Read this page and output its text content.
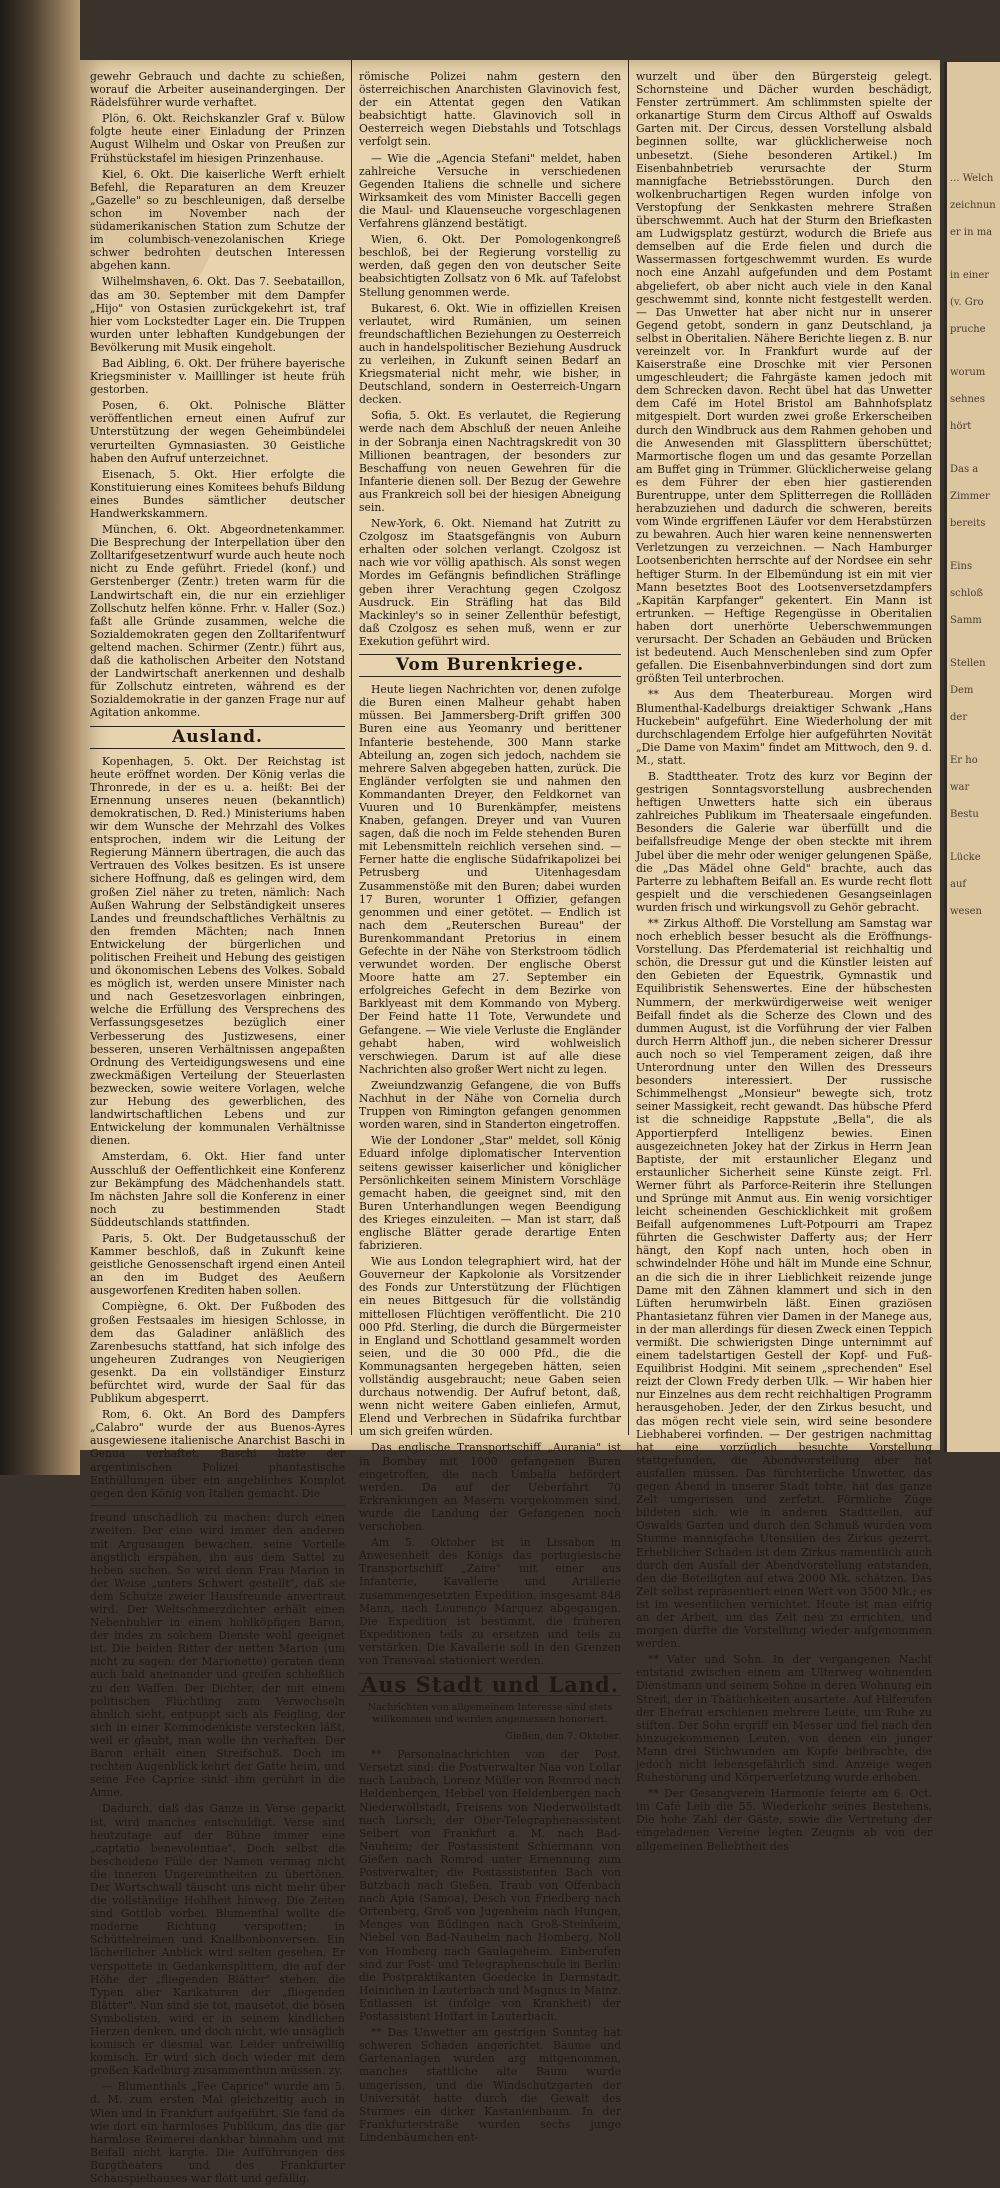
... Welch
zeichnun
er in ma
in einer
(v. Gro
pruche
worum
sehnes
hört
Das a
Zimmer
bereits
Eins
schloß
Samm
Stellen
Dem
der
Er ho
war
Bestu
Lücke
auf
wesen

gewehr Gebrauch und dachte zu schießen, worauf die Arbeiter auseinandergingen. Der Rädelsführer wurde verhaftet.

Plön, 6. Okt. Reichskanzler Graf v. Bülow folgte heute einer Einladung der Prinzen August Wilhelm und Oskar von Preußen zur Frühstückstafel im hiesigen Prinzenhause.

Kiel, 6. Okt. Die kaiserliche Werft erhielt Befehl, die Reparaturen an dem Kreuzer „Gazelle" so zu beschleunigen, daß derselbe schon im November nach der südamerikanischen Station zum Schutze der im columbisch-venezolanischen Kriege schwer bedrohten deutschen Interessen abgehen kann.

Wilhelmshaven, 6. Okt. Das 7. Seebataillon, das am 30. September mit dem Dampfer „Hijo" von Ostasien zurückgekehrt ist, traf hier vom Lockstedter Lager ein. Die Truppen wurden unter lebhaften Kundgebungen der Bevölkerung mit Musik eingeholt.

Bad Aibling, 6. Okt. Der frühere bayerische Kriegsminister v. Mailllinger ist heute früh gestorben.

Posen, 6. Okt. Polnische Blätter veröffentlichen erneut einen Aufruf zur Unterstützung der wegen Geheimbündelei verurteilten Gymnasiasten. 30 Geistliche haben den Aufruf unterzeichnet.

Eisenach, 5. Okt. Hier erfolgte die Konstituierung eines Komitees behufs Bildung eines Bundes sämtlicher deutscher Handwerkskammern.

München, 6. Okt. Abgeordnetenkammer. Die Besprechung der Interpellation über den Zolltarifgesetzentwurf wurde auch heute noch nicht zu Ende geführt. Friedel (konf.) und Gerstenberger (Zentr.) treten warm für die Landwirtschaft ein, die nur ein erziehliger Zollschutz helfen könne. Frhr. v. Haller (Soz.) faßt alle Gründe zusammen, welche die Sozialdemokraten gegen den Zolltarifentwurf geltend machen. Schirmer (Zentr.) führt aus, daß die katholischen Arbeiter den Notstand der Landwirtschaft anerkennen und deshalb für Zollschutz eintreten, während es der Sozialdemokratie in der ganzen Frage nur auf Agitation ankomme.

Ausland.

Kopenhagen, 5. Okt. Der Reichstag ist heute eröffnet worden. Der König verlas die Thronrede, in der es u. a. heißt: Bei der Ernennung unseres neuen (bekanntlich) demokratischen, D. Red.) Ministeriums haben wir dem Wunsche der Mehrzahl des Volkes entsprochen, indem wir die Leitung der Regierung Männern übertragen, die auch das Vertrauen des Volkes besitzen. Es ist unsere sichere Hoffnung, daß es gelingen wird, dem großen Ziel näher zu treten, nämlich: Nach Außen Wahrung der Selbständigkeit unseres Landes und freundschaftliches Verhältnis zu den fremden Mächten; nach Innen Entwickelung der bürgerlichen und politischen Freiheit und Hebung des geistigen und ökonomischen Lebens des Volkes. Sobald es möglich ist, werden unsere Minister nach und nach Gesetzesvorlagen einbringen, welche die Erfüllung des Versprechens des Verfassungsgesetzes bezüglich einer Verbesserung des Justizwesens, einer besseren, unseren Verhältnissen angepaßten Ordnung des Verteidigungswesens und eine zweckmäßigen Verteilung der Steuerlasten bezwecken, sowie weitere Vorlagen, welche zur Hebung des gewerblichen, des landwirtschaftlichen Lebens und zur Entwickelung der kommunalen Verhältnisse dienen.

Amsterdam, 6. Okt. Hier fand unter Ausschluß der Oeffentlichkeit eine Konferenz zur Bekämpfung des Mädchenhandels statt. Im nächsten Jahre soll die Konferenz in einer noch zu bestimmenden Stadt Süddeutschlands stattfinden.

Paris, 5. Okt. Der Budgetausschuß der Kammer beschloß, daß in Zukunft keine geistliche Genossenschaft irgend einen Anteil an den im Budget des Aeußern ausgeworfenen Krediten haben sollen.

Compiègne, 6. Okt. Der Fußboden des großen Festsaales im hiesigen Schlosse, in dem das Galadiner anläßlich des Zarenbesuchs stattfand, hat sich infolge des ungeheuren Zudranges von Neugierigen gesenkt. Da ein vollständiger Einsturz befürchtet wird, wurde der Saal für das Publikum abgesperrt.

Rom, 6. Okt. An Bord des Dampfers „Calabro" wurde der aus Buenos-Ayres ausgewiesene italienische Anarchist Baschi in Genua verhaftet. Baschi hatte der argentinischen Polizei phantastische Enthüllungen über ein angebliches Komplot gegen den König von Italien gemacht. Die

freund unschädlich zu machen: durch einen zweiten. Der eine wird immer den anderen mit Argusaugen bewachen, seine Vorteile ängstlich erspähen, ihn aus dem Sattel zu heben suchen. So wird denn Frau Marion in der Weise „unters Schwert gestellt", daß sie dem Schutze zweier Hausfreunde anvertraut wird. Der Weltschmerzdichter erhält einen Nebenbuhler in einem hohlköpfigen Baron, der indes zu solchem Dienste wohl geeignet ist. Die beiden Ritter der netten Marion (um nicht zu sagen: der Marionette) geraten denn auch bald aneinander und greifen schließlich zu den Waffen. Der Dichter, der mit einem politischen Flüchtling zum Verwechseln ähnlich sieht, entpuppt sich als Feigling, der sich in einer Kommodenkiste verstecken läßt, weil er glaubt, man wolle ihn verhaften. Der Baron erhält einen Streifschuß. Doch im rechten Augenblick kehrt der Gatte heim, und seine Fee Caprice sinkt ihm gerührt in die Arme.

Dadurch, daß das Ganze in Verse gepackt ist, wird manches entschuldigt. Verse sind heutzutage auf der Bühne immer eine „captatio benevolentiae". Doch selbst die bescheidene Fülle der Namen vermag nicht die inneren Ungereimtheiten zu übertönen. Der Wortschwall täuscht uns nicht mehr über die vollständige Hohlheit hinweg. Die Zeiten sind Gottlob vorbei. Blumenthal wollte die moderne Richtung verspotten; in Schüttelreimen und Knallbonbonversen. Ein lächerlicher Anblick wird selten gesehen. Er verspottete in Gedankensplittern, die auf der Höhe der „fliegenden Blätter" stehen, die Typen aber Karikaturen der „fliegenden Blätter". Nun sind sie tot, mausetot, die bösen Symbolisten, wird er in seinem kindlichen Herzen denken, und doch nicht, wie unsäglich komisch er diesmal war. Leider unfreiwillig komisch. Er wird sich doch wieder mit dem großen Kadelburg zusammenthun müssen. zy.

— Blumenthals „Fee Caprice" wurde am 5. d. M. zum ersten Mal gleichzeitig auch in Wien und in Frankfurt aufgeführt. Sie fand da wie dort ein harmloses Publikum, das die gar harmlose Reimerei dankbar hinnahm und mit Beifall nicht kargte. Die Aufführungen des Burgtheaters und des Frankfurter Schauspielhauses war flott und gefällig.

römische Polizei nahm gestern den österreichischen Anarchisten Glavinovich fest, der ein Attentat gegen den Vatikan beabsichtigt hatte. Glavinovich soll in Oesterreich wegen Diebstahls und Totschlags verfolgt sein.

— Wie die „Agencia Stefani" meldet, haben zahlreiche Versuche in verschiedenen Gegenden Italiens die schnelle und sichere Wirksamkeit des vom Minister Baccelli gegen die Maul- und Klauenseuche vorgeschlagenen Verfahrens glänzend bestätigt.

Wien, 6. Okt. Der Pomologenkongreß beschloß, bei der Regierung vorstellig zu werden, daß gegen den von deutscher Seite beabsichtigten Zollsatz von 6 Mk. auf Tafelobst Stellung genommen werde.

Bukarest, 6. Okt. Wie in offiziellen Kreisen verlautet, wird Rumänien, um seinen freundschaftlichen Beziehungen zu Oesterreich auch in handelspolitischer Beziehung Ausdruck zu verleihen, in Zukunft seinen Bedarf an Kriegsmaterial nicht mehr, wie bisher, in Deutschland, sondern in Oesterreich-Ungarn decken.

Sofia, 5. Okt. Es verlautet, die Regierung werde nach dem Abschluß der neuen Anleihe in der Sobranja einen Nachtragskredit von 30 Millionen beantragen, der besonders zur Beschaffung von neuen Gewehren für die Infanterie dienen soll. Der Bezug der Gewehre aus Frankreich soll bei der hiesigen Abneigung sein.

New-York, 6. Okt. Niemand hat Zutritt zu Czolgosz im Staatsgefängnis von Auburn erhalten oder solchen verlangt. Czolgosz ist nach wie vor völlig apathisch. Als sonst wegen Mordes im Gefängnis befindlichen Sträflinge geben ihrer Verachtung gegen Czolgosz Ausdruck. Ein Sträfling hat das Bild Mackinley's so in seiner Zellenthür befestigt, daß Czolgosz es sehen muß, wenn er zur Exekution geführt wird.

Vom Burenkriege.

Heute liegen Nachrichten vor, denen zufolge die Buren einen Malheur gehabt haben müssen. Bei Jammersberg-Drift griffen 300 Buren eine aus Yeomanry und berittener Infanterie bestehende, 300 Mann starke Abteilung an, zogen sich jedoch, nachdem sie mehrere Salven abgegeben hatten, zurück. Die Engländer verfolgten sie und nahmen den Kommandanten Dreyer, den Feldkornet van Vuuren und 10 Burenkämpfer, meistens Knaben, gefangen. Dreyer und van Vuuren sagen, daß die noch im Felde stehenden Buren mit Lebensmitteln reichlich versehen sind. — Ferner hatte die englische Südafrikapolizei bei Petrusberg und Uitenhagesdam Zusammenstöße mit den Buren; dabei wurden 17 Buren, worunter 1 Offizier, gefangen genommen und einer getötet. — Endlich ist nach dem „Reuterschen Bureau" der Burenkommandant Pretorius in einem Gefechte in der Nähe von Sterkstroom tödlich verwundet worden. Der englische Oberst Moore hatte am 27. September ein erfolgreiches Gefecht in dem Bezirke von Barklyeast mit dem Kommando von Myberg. Der Feind hatte 11 Tote, Verwundete und Gefangene. — Wie viele Verluste die Engländer gehabt haben, wird wohlweislich verschwiegen. Darum ist auf alle diese Nachrichten also großer Wert nicht zu legen.

Zweiundzwanzig Gefangene, die von Buffs Nachhut in der Nähe von Cornelia durch Truppen von Rimington gefangen genommen worden waren, sind in Standerton eingetroffen.

Wie der Londoner „Star" meldet, soll König Eduard infolge diplomatischer Intervention seitens gewisser kaiserlicher und königlicher Persönlichkeiten seinem Ministern Vorschläge gemacht haben, die geeignet sind, mit den Buren Unterhandlungen wegen Beendigung des Krieges einzuleiten. — Man ist starr, daß englische Blätter gerade derartige Enten fabrizieren.

Wie aus London telegraphiert wird, hat der Gouverneur der Kapkolonie als Vorsitzender des Fonds zur Unterstützung der Flüchtigen ein neues Bittgesuch für die vollständig mittellosen Flüchtigen veröffentlicht. Die 210 000 Pfd. Sterling, die durch die Bürgermeister in England und Schottland gesammelt worden seien, und die 30 000 Pfd., die die Kommunagsanten hergegeben hätten, seien vollständig ausgebraucht; neue Gaben seien durchaus notwendig. Der Aufruf betont, daß, wenn nicht weitere Gaben einliefen, Armut, Elend und Verbrechen in Südafrika furchtbar um sich greifen würden.

Das englische Transportschiff „Aurania" ist in Bombay mit 1000 gefangenen Buren eingetroffen, die nach Umballa befördert werden. Da auf der Ueberfahrt 70 Erkrankungen an Masern vorgekommen sind, wurde die Landung der Gefangenen noch verschoben.

Am 5. Oktober ist in Lissabon in Anwesenheit des Königs das portugiesische Transportschiff „Zaire" mit einer aus Infanterie, Kavallerie und Artillerie zusammengesetzten Expedition, insgesamt 848 Mann, nach Lourenço Marquez abgegangen. Die Expedition ist bestimmt, die früheren Expeditionen teils zu ersetzen und teils zu verstärken. Die Kavallerie soll in den Grenzen von Transvaal stationiert werden.

Aus Stadt und Land.
Nachrichten von allgemeinem Interesse sind stets willkommen und werden angemessen honoriert.
Gießen, den 7. Oktober.

** Personalnachrichten von der Post. Versetzt sind: die Postverwalter Naa von Lollar nach Laubach, Lorenz Müller von Romrod nach Heldenbergen, Hebbel von Heldenbergen nach Niederwöllstadt, Freisens von Niederwöllstadt nach Lorsch; der Ober-Telegraphenassistent Seibert von Frankfurt a. M. nach Bad-Nauheim; der Postassistent Schiermann von Gießen nach Romrod unter Ernennung zum Postverwalter; die Postassistenten Bach von Butzbach nach Gießen, Traub von Offenbach nach Apia (Samoa), Desch von Friedberg nach Ortenberg, Groß von Jugenheim nach Hungen, Menges von Büdingen nach Groß-Steinheim, Niebel von Bad-Nauheim nach Homberg, Noll von Homberg nach Gaulageheim. Einberufen sind zur Post- und Telegraphenschule in Berlin: die Postpraktikanten Goedecke in Darmstadt, Heinichen in Lauterbach und Magnus in Mainz. Entlassen ist (infolge von Krankheit) der Postassistent Hoffart in Lauterbach.

** Das Unwetter am gestrigen Sonntag hat schweren Schaden angerichtet. Bäume und Gartenanlagen wurden arg mitgenommen, manches stattliche alte Baum wurde umgerissen, und die Windschutzgarten der Universität hatte durch die Gewalt des Sturmes ein dicker Kastanienbaum. In der Frankfurterstraße wurden sechs junge Lindenbäumchen ent-

wurzelt und über den Bürgersteig gelegt. Schornsteine und Dächer wurden beschädigt, Fenster zertrümmert. Am schlimmsten spielte der orkanartige Sturm dem Circus Althoff auf Oswalds Garten mit. Der Circus, dessen Vorstellung alsbald beginnen sollte, war glücklicherweise noch unbesetzt. (Siehe besonderen Artikel.) Im Eisenbahnbetrieb verursachte der Sturm mannigfache Betriebsstörungen. Durch den wolkenbruchartigen Regen wurden infolge von Verstopfung der Senkkasten mehrere Straßen überschwemmt. Auch hat der Sturm den Briefkasten am Ludwigsplatz gestürzt, wodurch die Briefe aus demselben auf die Erde fielen und durch die Wassermassen fortgeschwemmt wurden. Es wurde noch eine Anzahl aufgefunden und dem Postamt abgeliefert, ob aber nicht auch viele in den Kanal geschwemmt sind, konnte nicht festgestellt werden. — Das Unwetter hat aber nicht nur in unserer Gegend getobt, sondern in ganz Deutschland, ja selbst in Oberitalien. Nähere Berichte liegen z. B. nur vereinzelt vor. In Frankfurt wurde auf der Kaiserstraße eine Droschke mit vier Personen umgeschleudert; die Fahrgäste kamen jedoch mit dem Schrecken davon. Recht übel hat das Unwetter dem Café im Hotel Bristol am Bahnhofsplatz mitgespielt. Dort wurden zwei große Erkerscheiben durch den Windbruck aus dem Rahmen gehoben und die Anwesenden mit Glassplittern überschüttet; Marmortische flogen um und das gesamte Porzellan am Buffet ging in Trümmer. Glücklicherweise gelang es dem Führer der eben hier gastierenden Burentruppe, unter dem Splitterregen die Rollläden herabzuziehen und dadurch die schweren, bereits vom Winde ergriffenen Läufer vor dem Herabstürzen zu bewahren. Auch hier waren keine nennenswerten Verletzungen zu verzeichnen. — Nach Hamburger Lootsenberichten herrschte auf der Nordsee ein sehr heftiger Sturm. In der Elbemündung ist ein mit vier Mann besetztes Boot des Lootsenversetzdampfers „Kapitän Karpfanger" gekentert. Ein Mann ist ertrunken. — Heftige Regengüsse in Oberitalien haben dort unerhörte Ueberschwemmungen verursacht. Der Schaden an Gebäuden und Brücken ist bedeutend. Auch Menschenleben sind zum Opfer gefallen. Die Eisenbahnverbindungen sind dort zum größten Teil unterbrochen.

** Aus dem Theaterbureau. Morgen wird Blumenthal-Kadelburgs dreiaktiger Schwank „Hans Huckebein" aufgeführt. Eine Wiederholung der mit durchschlagendem Erfolge hier aufgeführten Novität „Die Dame von Maxim" findet am Mittwoch, den 9. d. M., statt.

B. Stadttheater. Trotz des kurz vor Beginn der gestrigen Sonntagsvorstellung ausbrechenden heftigen Unwetters hatte sich ein überaus zahlreiches Publikum im Theatersaale eingefunden. Besonders die Galerie war überfüllt und die beifallsfreudige Menge der oben steckte mit ihrem Jubel über die mehr oder weniger gelungenen Späße, die „Das Mädel ohne Geld" brachte, auch das Parterre zu lebhaftem Beifall an. Es wurde recht flott gespielt und die verschiedenen Gesangseinlagen wurden frisch und wirkungsvoll zu Gehör gebracht.

** Zirkus Althoff. Die Vorstellung am Samstag war noch erheblich besser besucht als die Eröffnungs-Vorstellung. Das Pferdematerial ist reichhaltig und schön, die Dressur gut und die Künstler leisten auf den Gebieten der Equestrik, Gymnastik und Equilibristik Sehenswertes. Eine der hübschesten Nummern, der merkwürdigerweise weit weniger Beifall findet als die Scherze des Clown und des dummen August, ist die Vorführung der vier Falben durch Herrn Althoff jun., die neben sicherer Dressur auch noch so viel Temperament zeigen, daß ihre Unterordnung unter den Willen des Dresseurs besonders interessiert. Der russische Schimmelhengst „Monsieur" bewegte sich, trotz seiner Massigkeit, recht gewandt. Das hübsche Pferd ist die schneidige Rappstute „Bella", die als Apportierpferd Intelligenz bewies. Einen ausgezeichneten Jokey hat der Zirkus in Herrn Jean Baptiste, der mit erstaunlicher Eleganz und erstaunlicher Sicherheit seine Künste zeigt. Frl. Werner führt als Parforce-Reiterin ihre Stellungen und Sprünge mit Anmut aus. Ein wenig vorsichtiger leicht scheinenden Geschicklichkeit mit großem Beifall aufgenommenes Luft-Potpourri am Trapez führten die Geschwister Dafferty aus; der Herr hängt, den Kopf nach unten, hoch oben in schwindelnder Höhe und hält im Munde eine Schnur, an die sich die in ihrer Lieblichkeit reizende junge Dame mit den Zähnen klammert und sich in den Lüften herumwirbeln läßt. Einen graziösen Phantasietanz führen vier Damen in der Manege aus, in der man allerdings für diesen Zweck einen Teppich vermißt. Die schwierigsten Dinge unternimmt auf einem tadelstartigen Gestell der Kopf- und Fuß-Equilibrist Hodgini. Mit seinem „sprechenden" Esel reizt der Clown Fredy derben Ulk. — Wir haben hier nur Einzelnes aus dem recht reichhaltigen Programm herausgehoben. Jeder, der den Zirkus besucht, und das mögen recht viele sein, wird seine besondere Liebhaberei vorfinden. — Der gestrigen nachmittag hat eine vorzüglich besuchte Vorstellung stattgefunden, die Abendvorstellung aber hat ausfallen müssen. Das fürchterliche Unwetter, das gegen Abend in unserer Stadt tobte, hat das ganze Zelt umgerissen und zerfetzt. Förmliche Züge bildeten sich, wie in anderen Stadtteilen, auf Oswalds Garten und durch den Schmuß wurden vom Sturme mannigfache Utensilien des Zirkus gezerrt. Erheblicher Schaden ist dem Zirkus namentlich auch durch den Ausfall der Abendvorstellung entstanden, den die Beteiligten auf etwa 2000 Mk. schätzen. Das Zelt selbst repräsentiert einen Wert von 3500 Mk.; es ist im wesentlichen vernichtet. Heute ist man eifrig an der Arbeit, um das Zelt neu zu errichten, und morgen dürfte die Vorstellung wieder aufgenommen werden.

** Vater und Sohn. In der vergangenen Nacht entstand zwischen einem am Ulterweg wohnenden Dienstmann und seinem Sohne in deren Wohnung ein Streit, der in Thätlichkeiten ausartete. Auf Hilferufen der Ehefrau erschienen mehrere Leute, um Ruhe zu stiften. Der Sohn ergriff ein Messer und fiel nach den hinzugekommenen Leuten, von denen ein junger Mann drei Stichwunden am Kopfe beibrachte, die jedoch nicht lebensgefährlich sind. Anzeige wegen Ruhestörung und Körperverletzung wurde erhoben.

** Der Gesangverein Harmonie feierte am 6. Oct. im Café Leib die 55. Wiederkehr seines Bestehens. Die hohe Zahl der Gäste, sowie die Vertretung der eingeladenen Vereine legten Zeugnis ab von der allgemeinen Beliebtheit des
